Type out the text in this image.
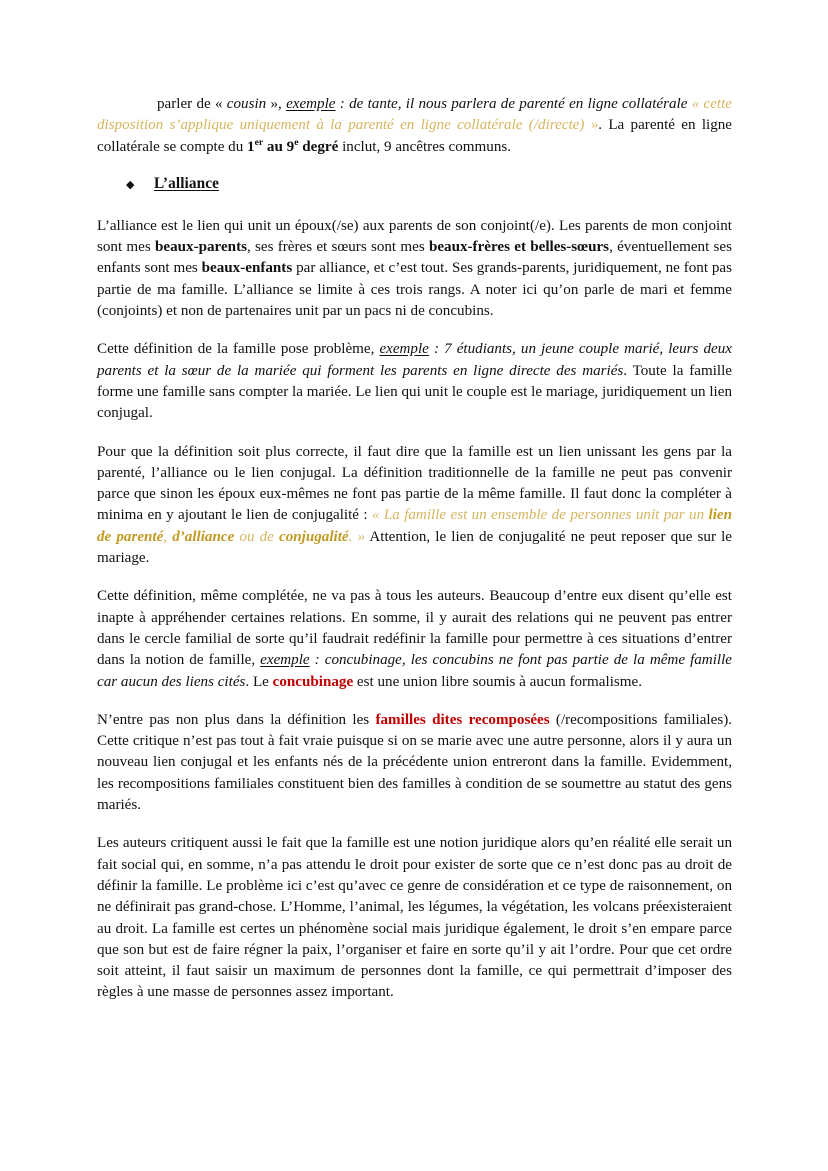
parler de « cousin », exemple : de tante, il nous parlera de parenté en ligne collatérale « cette disposition s’applique uniquement à la parenté en ligne collatérale (/directe) ». La parenté en ligne collatérale se compte du 1er au 9e degré inclut, 9 ancêtres communs.

◆	L’alliance

L’alliance est le lien qui unit un époux(/se) aux parents de son conjoint(/e). Les parents de mon conjoint sont mes beaux-parents, ses frères et sœurs sont mes beaux-frères et belles-sœurs, éventuellement ses enfants sont mes beaux-enfants par alliance, et c’est tout. Ses grands-parents, juridiquement, ne font pas partie de ma famille. L’alliance se limite à ces trois rangs. A noter ici qu’on parle de mari et femme (conjoints) et non de partenaires unit par un pacs ni de concubins.

Cette définition de la famille pose problème, exemple : 7 étudiants, un jeune couple marié, leurs deux parents et la sœur de la mariée qui forment les parents en ligne directe des mariés. Toute la famille forme une famille sans compter la mariée. Le lien qui unit le couple est le mariage, juridiquement un lien conjugal.

Pour que la définition soit plus correcte, il faut dire que la famille est un lien unissant les gens par la parenté, l’alliance ou le lien conjugal. La définition traditionnelle de la famille ne peut pas convenir parce que sinon les époux eux-mêmes ne font pas partie de la même famille. Il faut donc la compléter à minima en y ajoutant le lien de conjugalité : « La famille est un ensemble de personnes unit par un lien de parenté, d’alliance ou de conjugalité. » Attention, le lien de conjugalité ne peut reposer que sur le mariage.

Cette définition, même complétée, ne va pas à tous les auteurs. Beaucoup d’entre eux disent qu’elle est inapte à appréhender certaines relations. En somme, il y aurait des relations qui ne peuvent pas entrer dans le cercle familial de sorte qu’il faudrait redéfinir la famille pour permettre à ces situations d’entrer dans la notion de famille, exemple : concubinage, les concubins ne font pas partie de la même famille car aucun des liens cités. Le concubinage est une union libre soumis à aucun formalisme.

N’entre pas non plus dans la définition les familles dites recomposées (/recompositions familiales). Cette critique n’est pas tout à fait vraie puisque si on se marie avec une autre personne, alors il y aura un nouveau lien conjugal et les enfants nés de la précédente union entreront dans la famille. Evidemment, les recompositions familiales constituent bien des familles à condition de se soumettre au statut des gens mariés.

Les auteurs critiquent aussi le fait que la famille est une notion juridique alors qu’en réalité elle serait un fait social qui, en somme, n’a pas attendu le droit pour exister de sorte que ce n’est donc pas au droit de définir la famille. Le problème ici c’est qu’avec ce genre de considération et ce type de raisonnement, on ne définirait pas grand-chose. L’Homme, l’animal, les légumes, la végétation, les volcans préexisteraient au droit. La famille est certes un phénomène social mais juridique également, le droit s’en empare parce que son but est de faire régner la paix, l’organiser et faire en sorte qu’il y ait l’ordre. Pour que cet ordre soit atteint, il faut saisir un maximum de personnes dont la famille, ce qui permettrait d’imposer des règles à une masse de personnes assez important.
